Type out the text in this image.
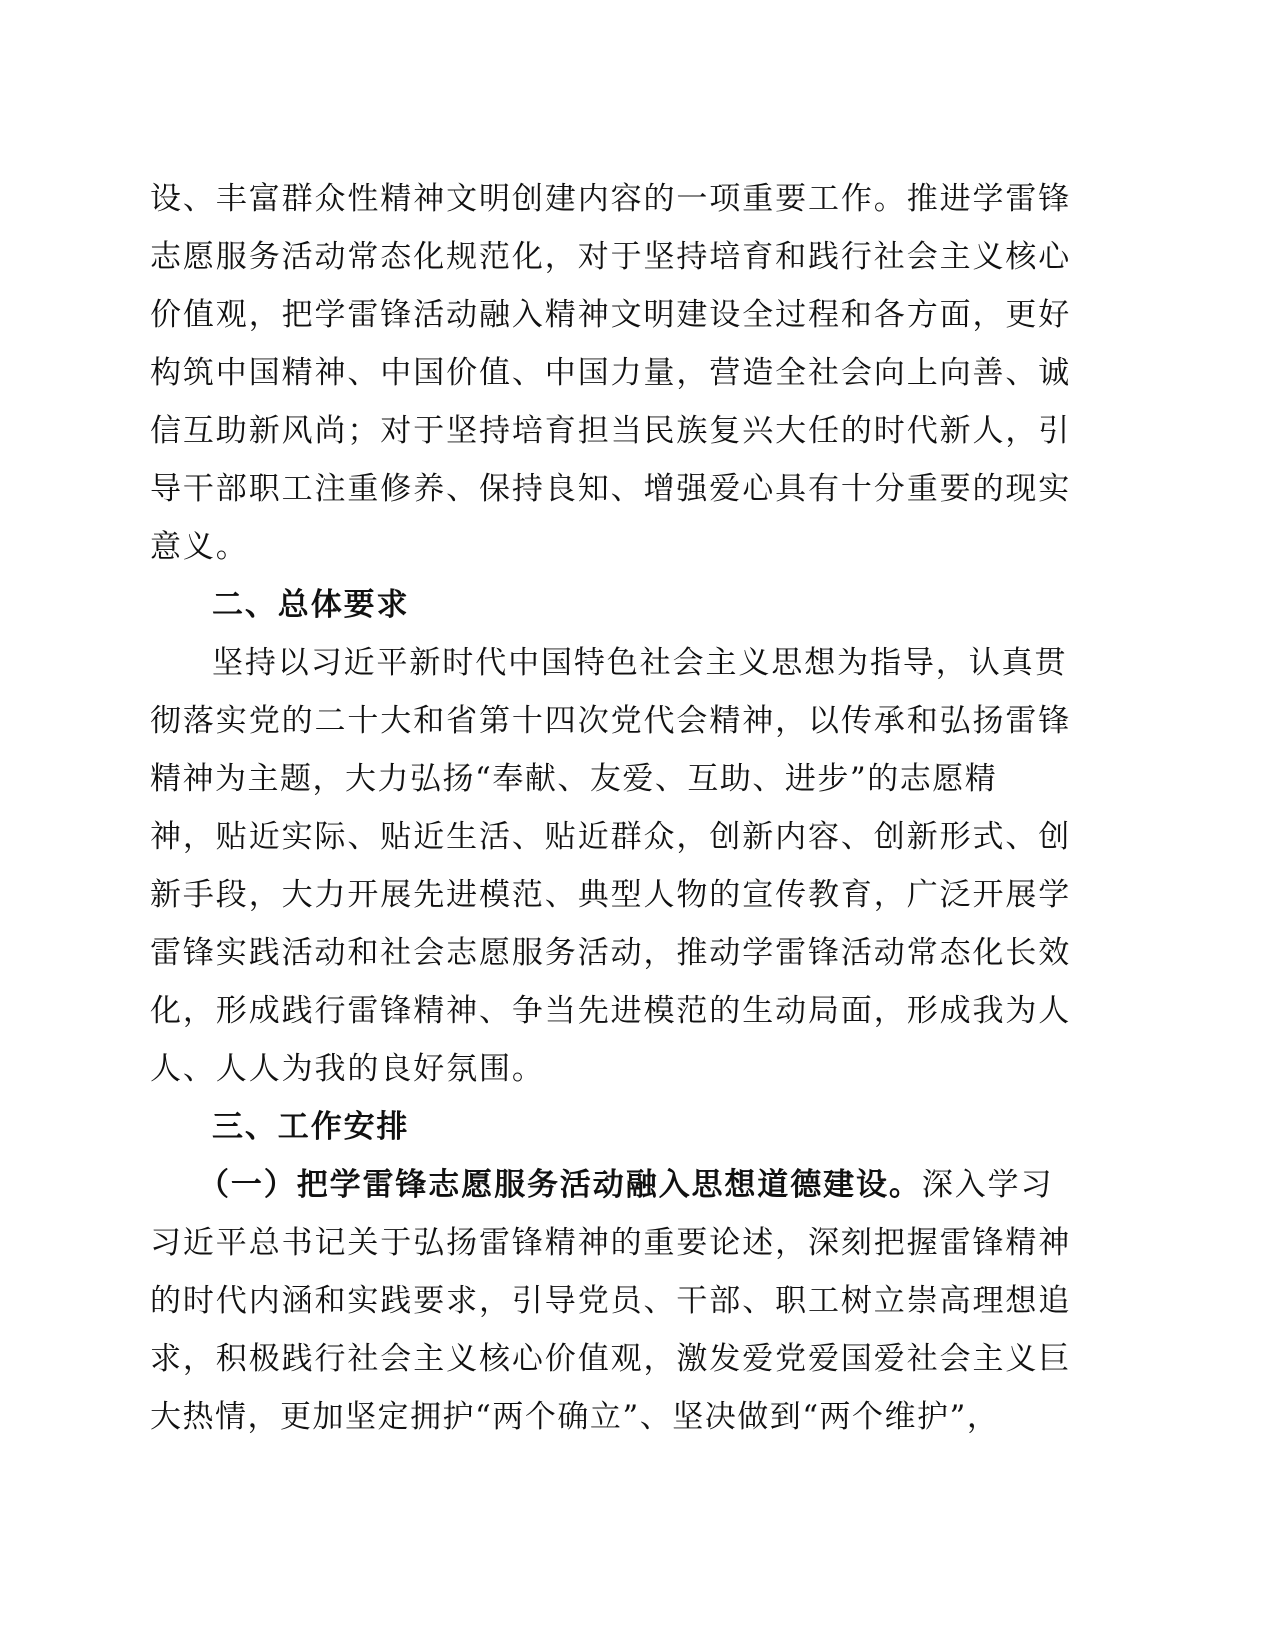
设、丰富群众性精神文明创建内容的一项重要工作。推进学雷锋
志愿服务活动常态化规范化，对于坚持培育和践行社会主义核心
价值观，把学雷锋活动融入精神文明建设全过程和各方面，更好
构筑中国精神、中国价值、中国力量，营造全社会向上向善、诚
信互助新风尚；对于坚持培育担当民族复兴大任的时代新人，引
导干部职工注重修养、保持良知、增强爱心具有十分重要的现实
意义。
二、总体要求
坚持以习近平新时代中国特色社会主义思想为指导，认真贯
彻落实党的二十大和省第十四次党代会精神，以传承和弘扬雷锋
精神为主题，大力弘扬“奉献、友爱、互助、进步”的志愿精
神，贴近实际、贴近生活、贴近群众，创新内容、创新形式、创
新手段，大力开展先进模范、典型人物的宣传教育，广泛开展学
雷锋实践活动和社会志愿服务活动，推动学雷锋活动常态化长效
化，形成践行雷锋精神、争当先进模范的生动局面，形成我为人
人、人人为我的良好氛围。
三、工作安排
（一）把学雷锋志愿服务活动融入思想道德建设。深入学习
习近平总书记关于弘扬雷锋精神的重要论述，深刻把握雷锋精神
的时代内涵和实践要求，引导党员、干部、职工树立崇高理想追
求，积极践行社会主义核心价值观，激发爱党爱国爱社会主义巨
大热情，更加坚定拥护“两个确立”、坚决做到“两个维护”，
